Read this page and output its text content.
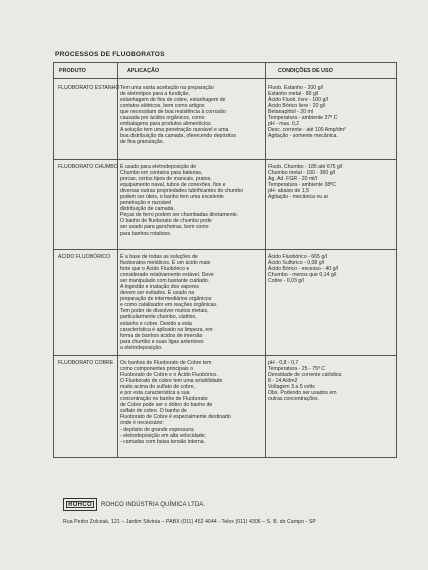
PROCESSOS DE FLUOBORATOS
PRODUTO	APLICAÇÃO	CONDIÇÕES DE USO
FLUOBORATO ESTANHO Tem uma vasta aceitação na preparação
de eletrotipos para a fundição,
estanhagem de fios de cobre, estanhagem de
contatos elétricos, bem como artigos
que necessitam de boa resistência à corrosão
causada por ácidos orgânicos, como
embalagens para produtos alimentícios.
A solução tem uma penetração razoável e uma
boa distribuição da camada, oferecendo depósitos
de fina granulação.
Fluob. Estanho - 200 g/l
Estanho metal - 80 g/l
Ácido Fluob. livre - 100 g/l
Ácido Bórico livre - 20 g/l
Betanaphtol - 20 ml
Temperatura - ambiente 37º C
pH - max. 0,2
Desc. corrente - até 100 Amp/dm²
Agitação - somente mecânica.
FLUOBORATO CHUMBO É usado para eletrodeposição de
Chumbo em contatos para baterias,
porcas, certos tipos de mancais, pratos,
equipamento naval, tubos de conexões, fios e
diversas outras propriedades lubrificantes do chumbo
podem ser úteis, o banho tem uma excelente
penetração e razoável
distribuição de camada.
Peças de ferro podem ser chumbadas diretamente.
O banho de fluoborato de chumbo pode
ser usado para gancheiras, bem como
para banhos rotativos.
Fluob. Chumbo - 185 até 675 g/l
Chumbo metal - 100 - 360 g/l
Ag. Ad. FGR - 20 ml/l
Temperatura - ambiente 38ºC
pH- abaixo de 1,5
Agitação - mecânica ou ar
ÁCIDO FLUOBÓRICO É a base de todas as soluções de
fluoboratos metálicos. É um ácido mais
forte que o Ácido Fluobórico e
considerado relativamente estável. Deve
ser manipulado com bastante cuidado.
A ingestão e inalação dos vapores
devem ser evitados. É usado na
preparação de intermediários orgânicos
e como catalisador em reações orgânicas.
Tem poder de dissolver muitos metais,
particularmente chumbo, cádmio,
estanho e cobre. Devido a esta
característica é aplicado na limpeza, em
forma de banhos ácidos de imersão
para chumbo e suas ligas anteriores
a eletrodeposição.
Ácido Fluobórico - 665 g/l
Ácido Sulfúrico - 0,08 g/l
Ácido Bórico - excesso - 40 g/l
Chumbo - menos que 0,14 g/l
Cobre - 0,03 g/l
FLUOBORATO COBRE Os banhos de Fluoborato de Cobre tem
como componentes principais o
Fluoborato de Cobre e o Ácido Fluobórico.
O Fluoborato de cobre tem uma solubilidade
muito acima do sulfato de cobre,
e por esta característica a sua
concentração no banho de Fluoborato
de Cobre pode ser o dobro do banho de
sulfato de cobre. O banho de
Fluoborato de Cobre é especialmente destinado
onde é necessário:
- depósito de grande espessura;
- eletrodeposição em alta velocidade;
- camadas com baixa tensão interna.
pH - 0,8 - 0,7
Temperatura - 25 - 75º C
Densidade de corrente catódica
8 - 14 A/dm2
Voltagem 3 a 5 volts
Obs. Podendo ser usados em
outras concentrações.
ROHCO ROHCO INDÚSTRIA QUÍMICA LTDA.
Rua Pedro Zolcsak, 121 – Jardim Silvinia – PABX (011) 452 4044 - Telex (011) 4306 – S. B. do Campo - SP
